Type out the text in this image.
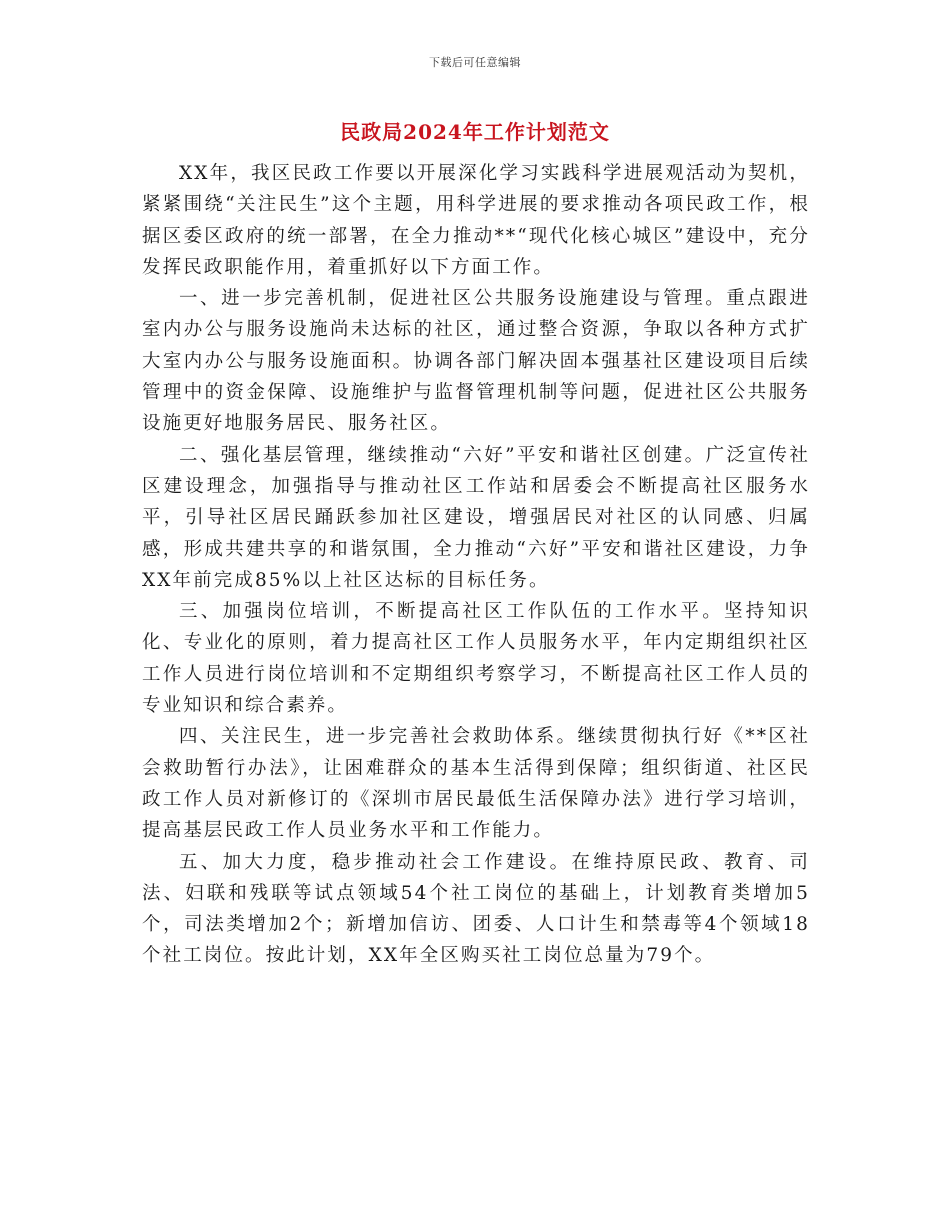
下载后可任意编辑
民政局2024年工作计划范文

XX年，我区民政工作要以开展深化学习实践科学进展观活动为契机，紧紧围绕“关注民生”这个主题，用科学进展的要求推动各项民政工作，根据区委区政府的统一部署，在全力推动**“现代化核心城区”建设中，充分发挥民政职能作用，着重抓好以下方面工作。

一、进一步完善机制，促进社区公共服务设施建设与管理。重点跟进室内办公与服务设施尚未达标的社区，通过整合资源，争取以各种方式扩大室内办公与服务设施面积。协调各部门解决固本强基社区建设项目后续管理中的资金保障、设施维护与监督管理机制等问题，促进社区公共服务设施更好地服务居民、服务社区。

二、强化基层管理，继续推动“六好”平安和谐社区创建。广泛宣传社区建设理念，加强指导与推动社区工作站和居委会不断提高社区服务水平，引导社区居民踊跃参加社区建设，增强居民对社区的认同感、归属感，形成共建共享的和谐氛围，全力推动“六好”平安和谐社区建设，力争XX年前完成85%以上社区达标的目标任务。

三、加强岗位培训，不断提高社区工作队伍的工作水平。坚持知识化、专业化的原则，着力提高社区工作人员服务水平，年内定期组织社区工作人员进行岗位培训和不定期组织考察学习，不断提高社区工作人员的专业知识和综合素养。

四、关注民生，进一步完善社会救助体系。继续贯彻执行好《**区社会救助暂行办法》，让困难群众的基本生活得到保障；组织街道、社区民政工作人员对新修订的《深圳市居民最低生活保障办法》进行学习培训，提高基层民政工作人员业务水平和工作能力。

五、加大力度，稳步推动社会工作建设。在维持原民政、教育、司法、妇联和残联等试点领域54个社工岗位的基础上，计划教育类增加5个，司法类增加2个；新增加信访、团委、人口计生和禁毒等4个领域18个社工岗位。按此计划，XX年全区购买社工岗位总量为79个。
